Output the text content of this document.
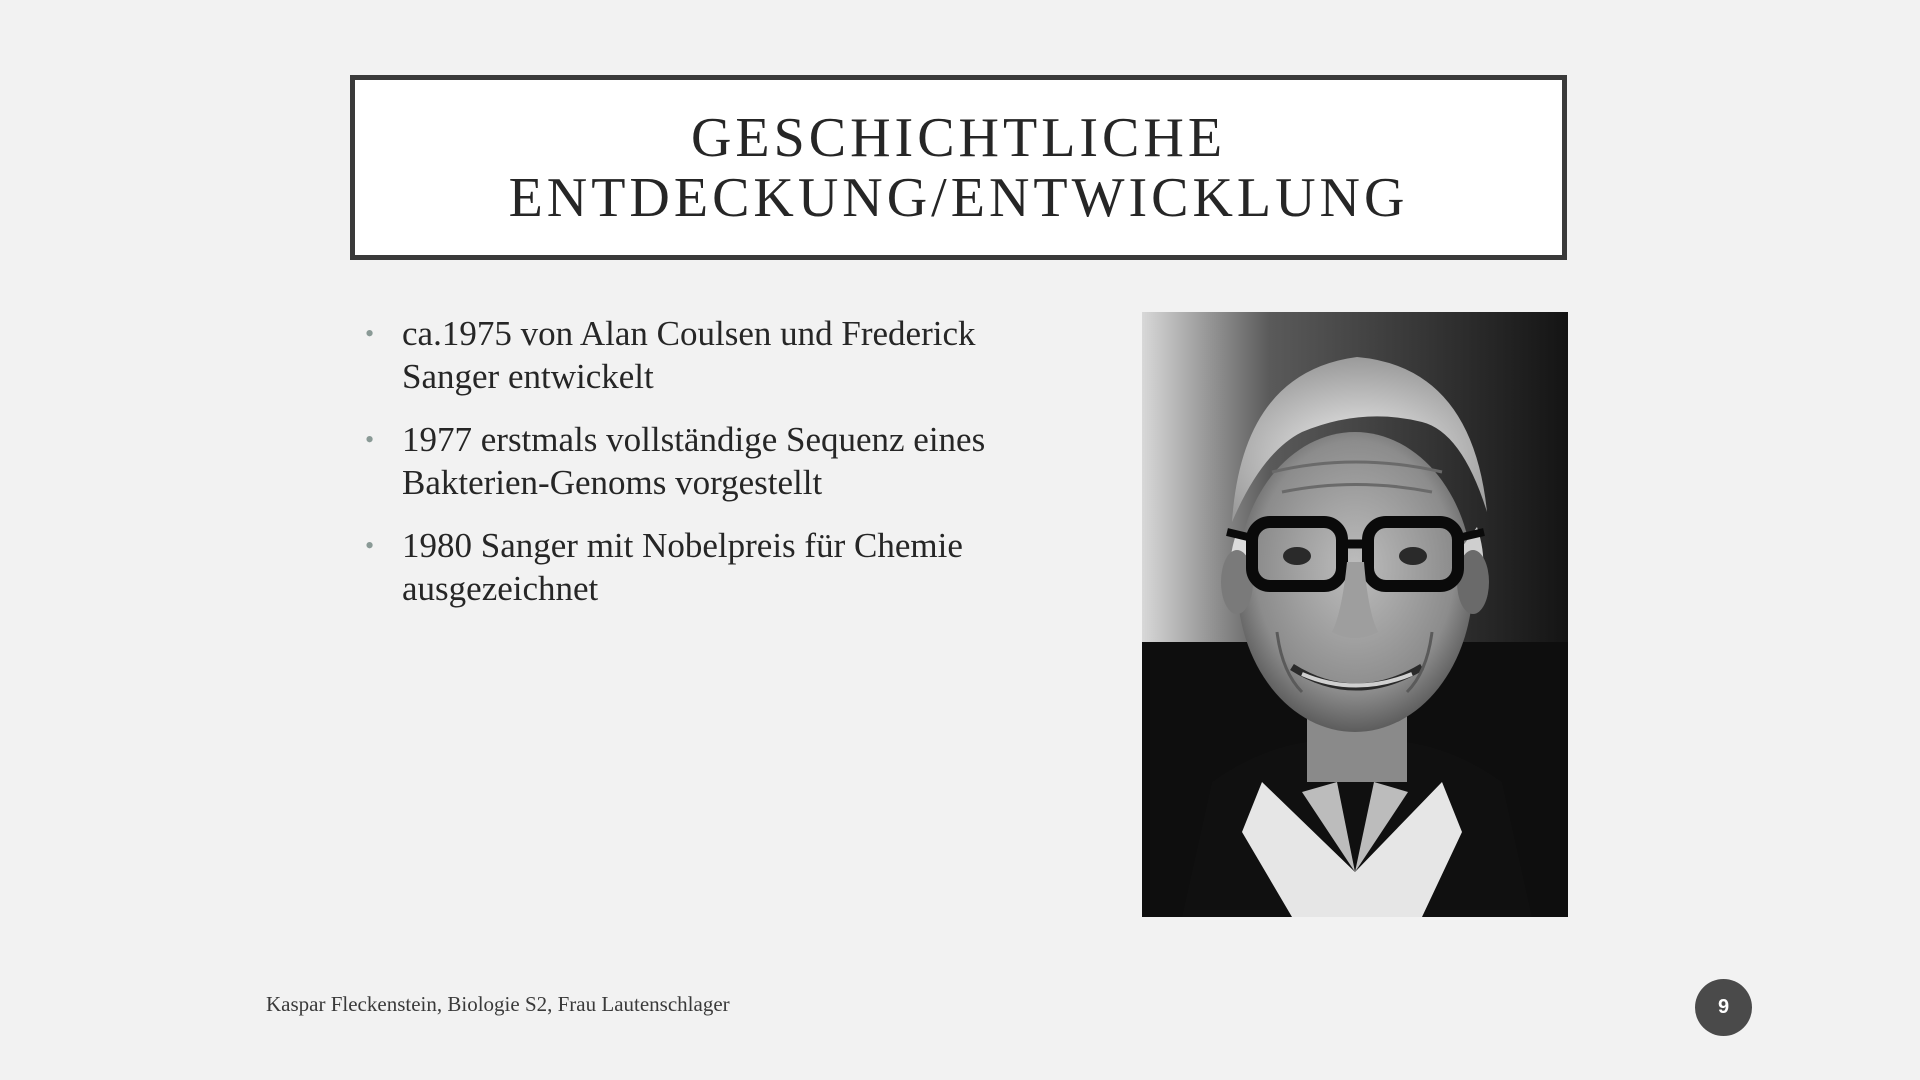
GESCHICHTLICHE
ENTDECKUNG/ENTWICKLUNG
• ca.1975 von Alan Coulsen und Frederick
Sanger entwickelt
• 1977 erstmals vollständige Sequenz eines
Bakterien-Genoms vorgestellt
• 1980 Sanger mit Nobelpreis für Chemie
ausgezeichnet
Kaspar Fleckenstein, Biologie S2, Frau Lautenschlager	9
